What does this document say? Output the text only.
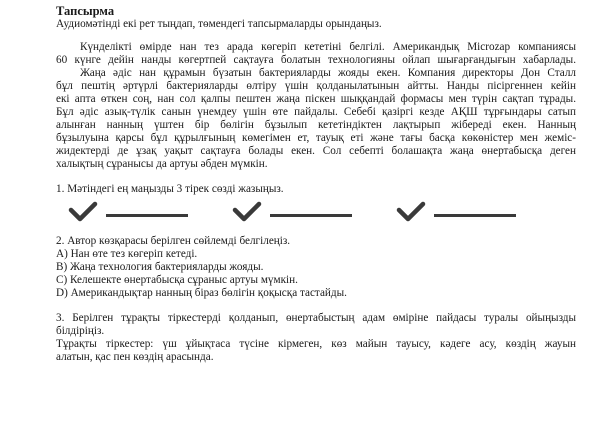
Тапсырма

Аудиомәтінді екі рет тыңдап, төмендегі тапсырмаларды орындаңыз.

Күнделікті өмірде нан тез арада көгеріп кететіні белгілі. Американдық Microzap компаниясы

60 күнге дейін нанды көгертпей сақтауға болатын технологияны ойлап шығарғандығын хабарлады.

Жаңа әдіс нан құрамын бүзатын бактерияларды жояды екен. Компания директоры Дон Сталл

бұл пештің әртүрлі бактерияларды өлтіру үшін қолданылатынын айтты. Нанды пісіргеннен кейін

екі апта өткен соң, нан сол қалпы пештен жаңа піскен шыққандай формасы мен түрін сақтап тұрады.

Бұл әдіс азық-түлік санын үнемдеу үшін өте пайдалы. Себебі қазіргі кезде АҚШ тұрғындары сатып

алынған нанның үштен бір бөлігін бұзылып кететіндіктен лақтырып жібереді екен. Нанның

бұзылуына қарсы бұл құрылғының көмегімен ет, тауық еті және тағы басқа көкөністер мен жеміс-

жидектерді де ұзақ уақыт сақтауға болады екен. Сол себепті болашақта жаңа өнертабысқа деген

халықтың сұранысы да артуы әбден мүмкін.

1. Мәтіндегі ең маңызды 3 тірек сөзді жазыңыз.

2. Автор көзқарасы берілген сөйлемді белгілеңіз.

А) Нан өте тез көгеріп кетеді.

В) Жаңа технология бактерияларды жояды.

С) Келешекте өнертабысқа сұраныс артуы мүмкін.

D) Американдықтар нанның біраз бөлігін қоқысқа тастайды.

3. Берілген тұрақты тіркестерді қолданып, өнертабыстың адам өміріне пайдасы туралы ойыңызды

білдіріңіз.

Тұрақты тіркестер: үш ұйықтаса түсіне кірмеген, көз майын тауысу, кәдеге асу, көздің жауын

алатын, қас пен көздің арасында.
